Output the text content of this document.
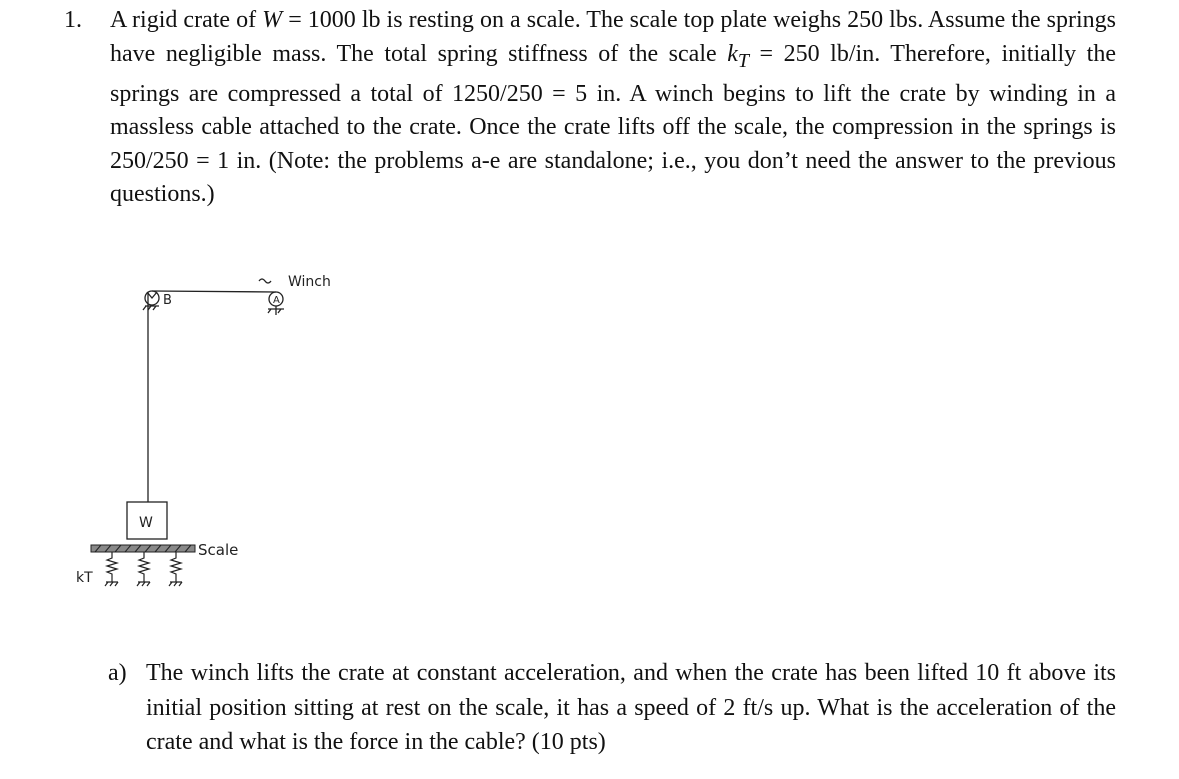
1. A rigid crate of W = 1000 lb is resting on a scale. The scale top plate weighs 250 lbs. Assume the springs have negligible mass. The total spring stiffness of the scale $k_T = 250$ lb/in. Therefore, initially the springs are compressed a total of 1250/250 = 5 in. A winch begins to lift the crate by winding in a massless cable attached to the crate. Once the crate lifts off the scale, the compression in the springs is 250/250 = 1 in. (Note: the problems a-e are standalone; i.e., you don’t need the answer to the previous questions.)
B	A
Winch
W
Scale
kT
a) The winch lifts the crate at constant acceleration, and when the crate has been lifted 10 ft above its initial position sitting at rest on the scale, it has a speed of 2 ft/s up. What is the acceleration of the crate and what is the force in the cable? (10 pts)
